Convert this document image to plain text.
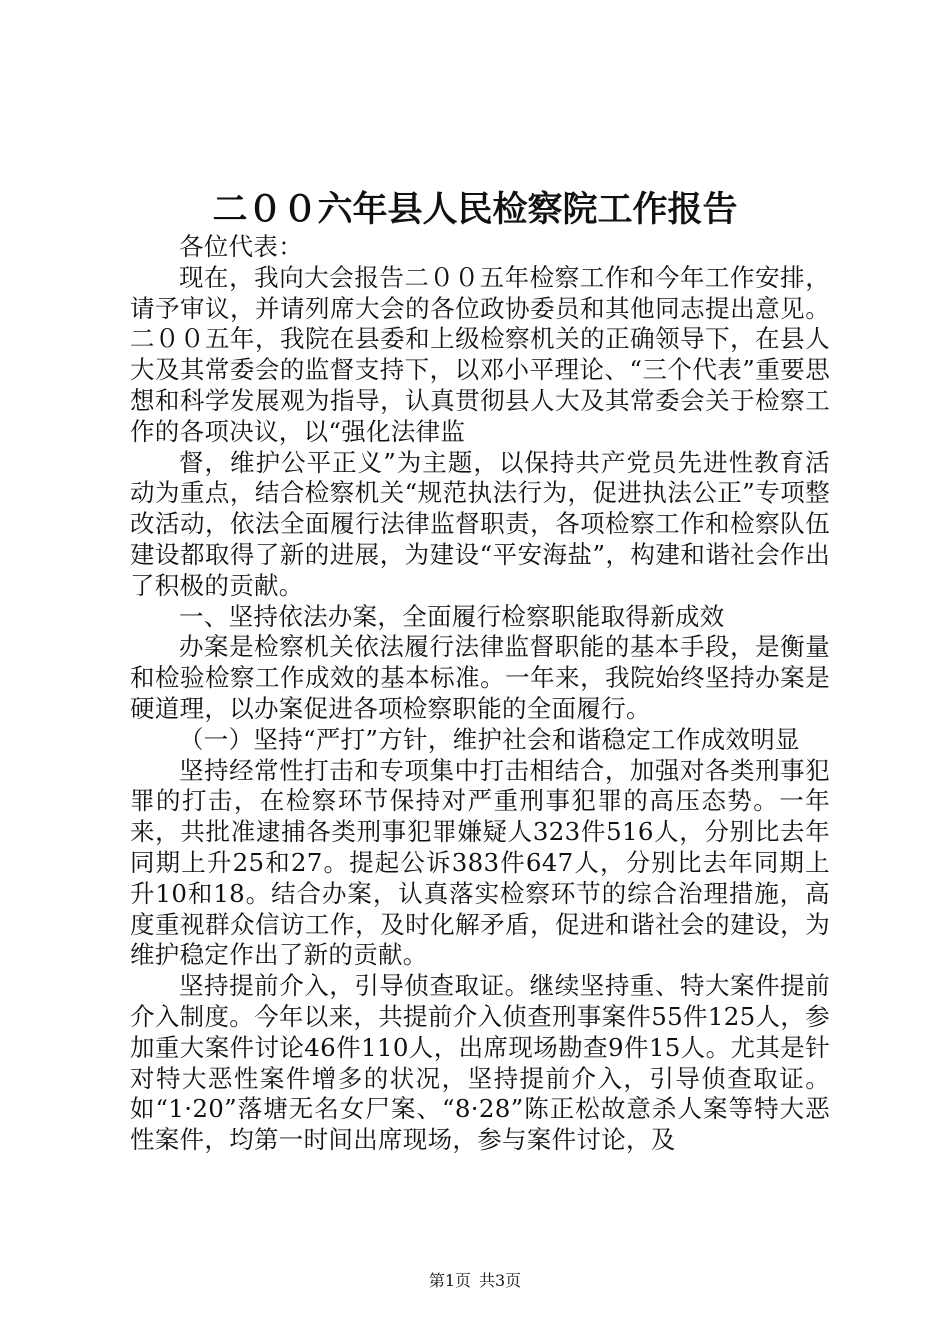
二００六年县人民检察院工作报告

各位代表：

现在，我向大会报告二００五年检察工作和今年工作安排，请予审议，并请列席大会的各位政协委员和其他同志提出意见。二００五年，我院在县委和上级检察机关的正确领导下，在县人大及其常委会的监督支持下，以邓小平理论、“三个代表”重要思想和科学发展观为指导，认真贯彻县人大及其常委会关于检察工作的各项决议，以“强化法律监

督，维护公平正义”为主题，以保持共产党员先进性教育活动为重点，结合检察机关“规范执法行为，促进执法公正”专项整改活动，依法全面履行法律监督职责，各项检察工作和检察队伍建设都取得了新的进展，为建设“平安海盐”，构建和谐社会作出了积极的贡献。

一、坚持依法办案，全面履行检察职能取得新成效

办案是检察机关依法履行法律监督职能的基本手段，是衡量和检验检察工作成效的基本标准。一年来，我院始终坚持办案是硬道理，以办案促进各项检察职能的全面履行。

（一）坚持“严打”方针，维护社会和谐稳定工作成效明显

坚持经常性打击和专项集中打击相结合，加强对各类刑事犯罪的打击，在检察环节保持对严重刑事犯罪的高压态势。一年来，共批准逮捕各类刑事犯罪嫌疑人323件516人，分别比去年同期上升25和27。提起公诉383件647人，分别比去年同期上升10和18。结合办案，认真落实检察环节的综合治理措施，高度重视群众信访工作，及时化解矛盾，促进和谐社会的建设，为维护稳定作出了新的贡献。

坚持提前介入，引导侦查取证。继续坚持重、特大案件提前介入制度。今年以来，共提前介入侦查刑事案件55件125人，参加重大案件讨论46件110人，出席现场勘查9件15人。尤其是针对特大恶性案件增多的状况，坚持提前介入，引导侦查取证。如“1·20”落塘无名女尸案、“8·28”陈正松故意杀人案等特大恶性案件，均第一时间出席现场，参与案件讨论，及

第1页 共3页
